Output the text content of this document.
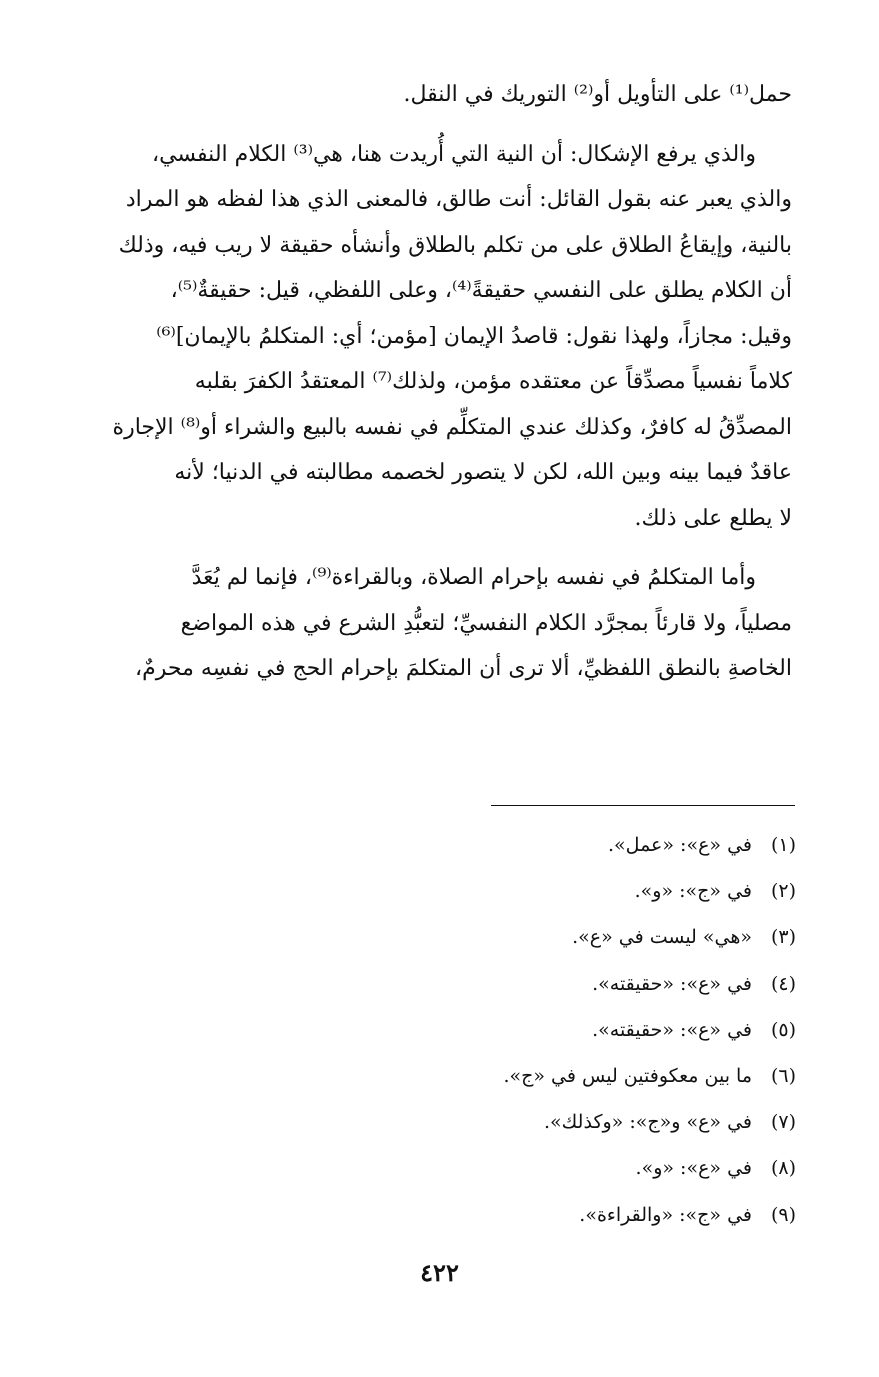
حمل⁽¹⁾ على التأويل أو⁽²⁾ التوريك في النقل.

والذي يرفع الإشكال: أن النية التي أُريدت هنا، هي⁽³⁾ الكلام النفسي،
والذي يعبر عنه بقول القائل: أنت طالق، فالمعنى الذي هذا لفظه هو المراد
بالنية، وإيقاعُ الطلاق على من تكلم بالطلاق وأنشأه حقيقة لا ريب فيه، وذلك
أن الكلام يطلق على النفسي حقيقةً⁽⁴⁾، وعلى اللفظي، قيل: حقيقةٌ⁽⁵⁾،
وقيل: مجازاً، ولهذا نقول: قاصدُ الإيمان [مؤمن؛ أي: المتكلمُ بالإيمان]⁽⁶⁾
كلاماً نفسياً مصدِّقاً عن معتقده مؤمن، ولذلك⁽⁷⁾ المعتقدُ الكفرَ بقلبه
المصدِّقُ له كافرٌ، وكذلك عندي المتكلِّم في نفسه بالبيع والشراء أو⁽⁸⁾ الإجارة
عاقدٌ فيما بينه وبين الله، لكن لا يتصور لخصمه مطالبته في الدنيا؛ لأنه
لا يطلع على ذلك.

وأما المتكلمُ في نفسه بإحرام الصلاة، وبالقراءة⁽⁹⁾، فإنما لم يُعَدَّ
مصلياً، ولا قارئاً بمجرَّد الكلام النفسيِّ؛ لتعبُّدِ الشرع في هذه المواضع
الخاصةِ بالنطق اللفظيِّ، ألا ترى أن المتكلمَ بإحرام الحج في نفسِه محرمٌ،

(١)
في «ع»: «عمل».
(٢)
في «ج»: «و».
(٣)
«هي» ليست في «ع».
(٤)
في «ع»: «حقيقته».
(٥)
في «ع»: «حقيقته».
(٦)
ما بين معكوفتين ليس في «ج».
(٧)
في «ع» و«ج»: «وكذلك».
(٨)
في «ع»: «و».
(٩)
في «ج»: «والقراءة».
٤٢٢
